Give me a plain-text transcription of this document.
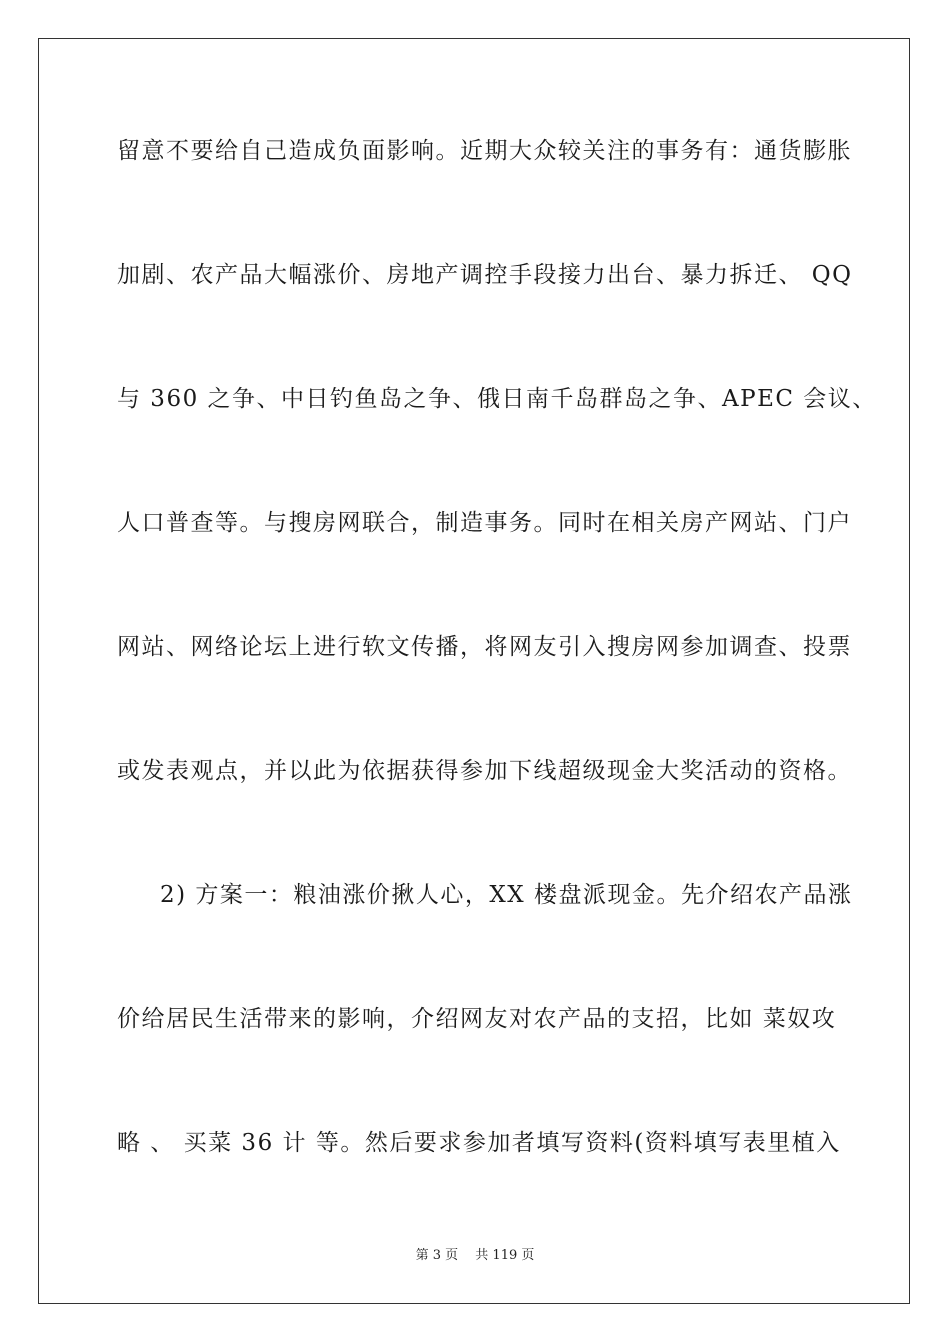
留意不要给自己造成负面影响。近期大众较关注的事务有：通货膨胀
加剧、农产品大幅涨价、房地产调控手段接力出台、暴力拆迁、 QQ
与 360 之争、中日钓鱼岛之争、俄日南千岛群岛之争、APEC 会议、
人口普查等。与搜房网联合，制造事务。同时在相关房产网站、门户
网站、网络论坛上进行软文传播，将网友引入搜房网参加调查、投票
或发表观点，并以此为依据获得参加下线超级现金大奖活动的资格。
2) 方案一：粮油涨价揪人心，XX 楼盘派现金。先介绍农产品涨
价给居民生活带来的影响，介绍网友对农产品的支招，比如 菜奴攻
略 、 买菜 36 计 等。然后要求参加者填写资料(资料填写表里植入
第 3 页　 共 119 页
